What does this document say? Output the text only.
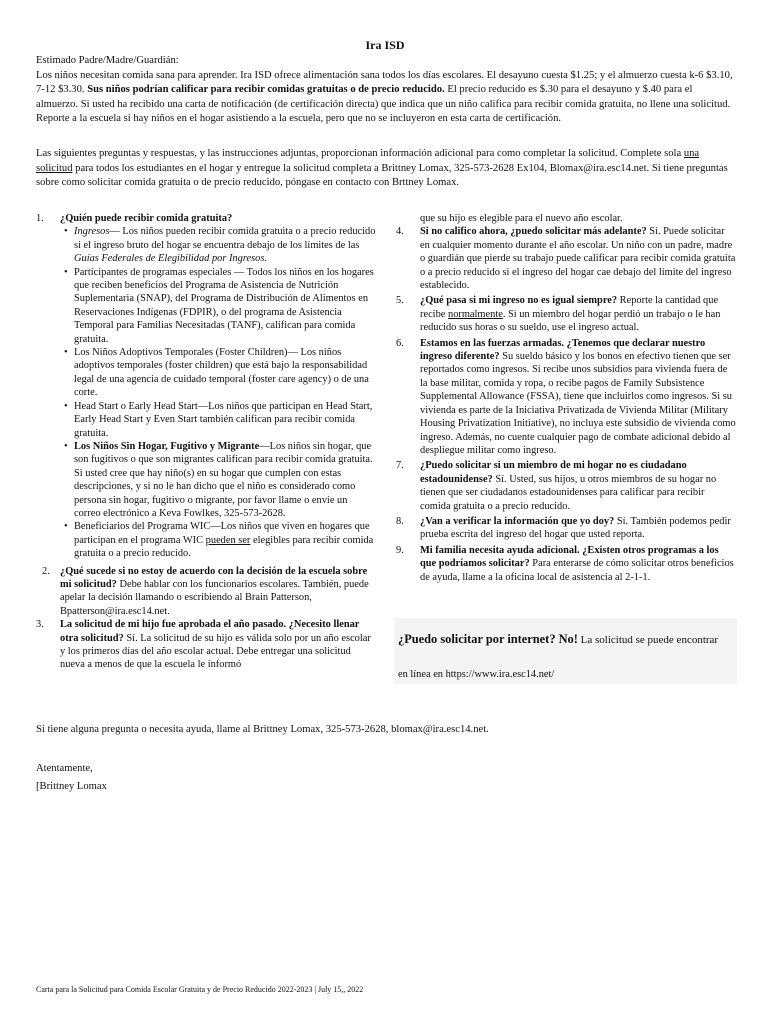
Ira ISD

Estimado Padre/Madre/Guardián:

Los niños necesitan comida sana para aprender. Ira ISD ofrece alimentación sana todos los días escolares. El desayuno cuesta $1.25; y el almuerzo cuesta k-6 $3.10, 7-12 $3.30. Sus niños podrían calificar para recibir comidas gratuitas o de precio reducido. El precio reducido es $.30 para el desayuno y $.40 para el almuerzo. Si usted ha recibido una carta de notificación (de certificación directa) que indica que un niño califica para recibir comida gratuita, no llene una solicitud. Reporte a la escuela si hay niños en el hogar asistiendo a la escuela, pero que no se incluyeron en esta carta de certificación.

Las siguientes preguntas y respuestas, y las instrucciones adjuntas, proporcionan información adicional para como completar la solicitud. Complete sola una solicitud para todos los estudiantes en el hogar y entregue la solicitud completa a Brittney Lomax, 325-573-2628 Ex104, Blomax@ira.esc14.net. Si tiene preguntas sobre como solicitar comida gratuita o de precio reducido, póngase en contacto con Brttney Lomax.

1. ¿Quién puede recibir comida gratuita?
• Ingresos— Los niños pueden recibir comida gratuita o a precio reducido si el ingreso bruto del hogar se encuentra debajo de los límites de las Guías Federales de Elegibilidad por Ingresos.
• Participantes de programas especiales — Todos los niños en los hogares que reciben beneficios del Programa de Asistencia de Nutrición Suplementaria (SNAP), del Programa de Distribución de Alimentos en Reservaciones Indígenas (FDPIR), o del programa de Asistencia Temporal para Familias Necesitadas (TANF), califican para comida gratuita.
• Los Niños Adoptivos Temporales (Foster Children)— Los niños adoptivos temporales (foster children) que está bajo la responsabilidad legal de una agencia de cuidado temporal (foster care agency) o de una corte.
• Head Start o Early Head Start—Los niños que participan en Head Start, Early Head Start y Even Start también califican para recibir comida gratuita.
• Los Niños Sin Hogar, Fugitivo y Migrante—Los niños sin hogar, que son fugitivos o que son migrantes califican para recibir comida gratuita. Si usted cree que hay niño(s) en su hogar que cumplen con estas descripciones, y si no le han dicho que el niño es considerado como persona sin hogar, fugitivo o migrante, por favor llame o envíe un correo electrónico a Keva Fowlkes, 325-573-2628.
• Beneficiarios del Programa WIC—Los niños que viven en hogares que participan en el programa WIC pueden ser elegibles para recibir comida gratuita o a precio reducido.
2. ¿Qué sucede si no estoy de acuerdo con la decisión de la escuela sobre mi solicitud? Debe hablar con los funcionarios escolares. También, puede apelar la decisión llamando o escribiendo al Brain Patterson, Bpatterson@ira.esc14.net.
3. La solicitud de mi hijo fue aprobada el año pasado. ¿Necesito llenar otra solicitud? Sí. La solicitud de su hijo es válida solo por un año escolar y los primeros días del año escolar actual. Debe entregar una solicitud nueva a menos de que la escuela le informó
que su hijo es elegible para el nuevo año escolar.
4. Si no califico ahora, ¿puedo solicitar más adelante? Sí. Puede solicitar en cualquier momento durante el año escolar. Un niño con un padre, madre o guardián que pierde su trabajo puede calificar para recibir comida gratuita o a precio reducido si el ingreso del hogar cae debajo del límite del ingreso establecido.
5. ¿Qué pasa si mi ingreso no es igual siempre? Reporte la cantidad que recibe normalmente. Si un miembro del hogar perdió un trabajo o le han reducido sus horas o su sueldo, use el ingreso actual.
6. Estamos en las fuerzas armadas. ¿Tenemos que declarar nuestro ingreso diferente? Su sueldo básico y los bonos en efectivo tienen que ser reportados como ingresos. Si recibe unos subsidios para vivienda fuera de la base militar, comida y ropa, o recibe pagos de Family Subsistence Supplemental Allowance (FSSA), tiene que incluirlos como ingresos. Si su vivienda es parte de la Iniciativa Privatizada de Vivienda Militar (Military Housing Privatization Initiative), no incluya este subsidio de vivienda como ingreso. Además, no cuente cualquier pago de combate adicional debido al despliegue militar como ingreso.
7. ¿Puedo solicitar si un miembro de mi hogar no es ciudadano estadounidense? Sí. Usted, sus hijos, u otros miembros de su hogar no tienen que ser ciudadanos estadounidenses para calificar para recibir comida gratuita o a precio reducido.
8. ¿Van a verificar la información que yo doy? Sí. También podemos pedir prueba escrita del ingreso del hogar que usted reporta.
9. Mi familia necesita ayuda adicional. ¿Existen otros programas a los que podríamos solicitar? Para enterarse de cómo solicitar otros beneficios de ayuda, llame a la oficina local de asistencia al 2-1-1.
¿Puedo solicitar por internet? No! La solicitud se puede encontrar
en línea en https://www.ira.esc14.net/
Si tiene alguna pregunta o necesita ayuda, llame al Brittney Lomax, 325-573-2628, blomax@ira.esc14.net.
Atentamente,
[Brittney Lomax
Carta para la Solicitud para Comida Escolar Gratuita y de Precio Reducido 2022-2023 | July 15,, 2022
